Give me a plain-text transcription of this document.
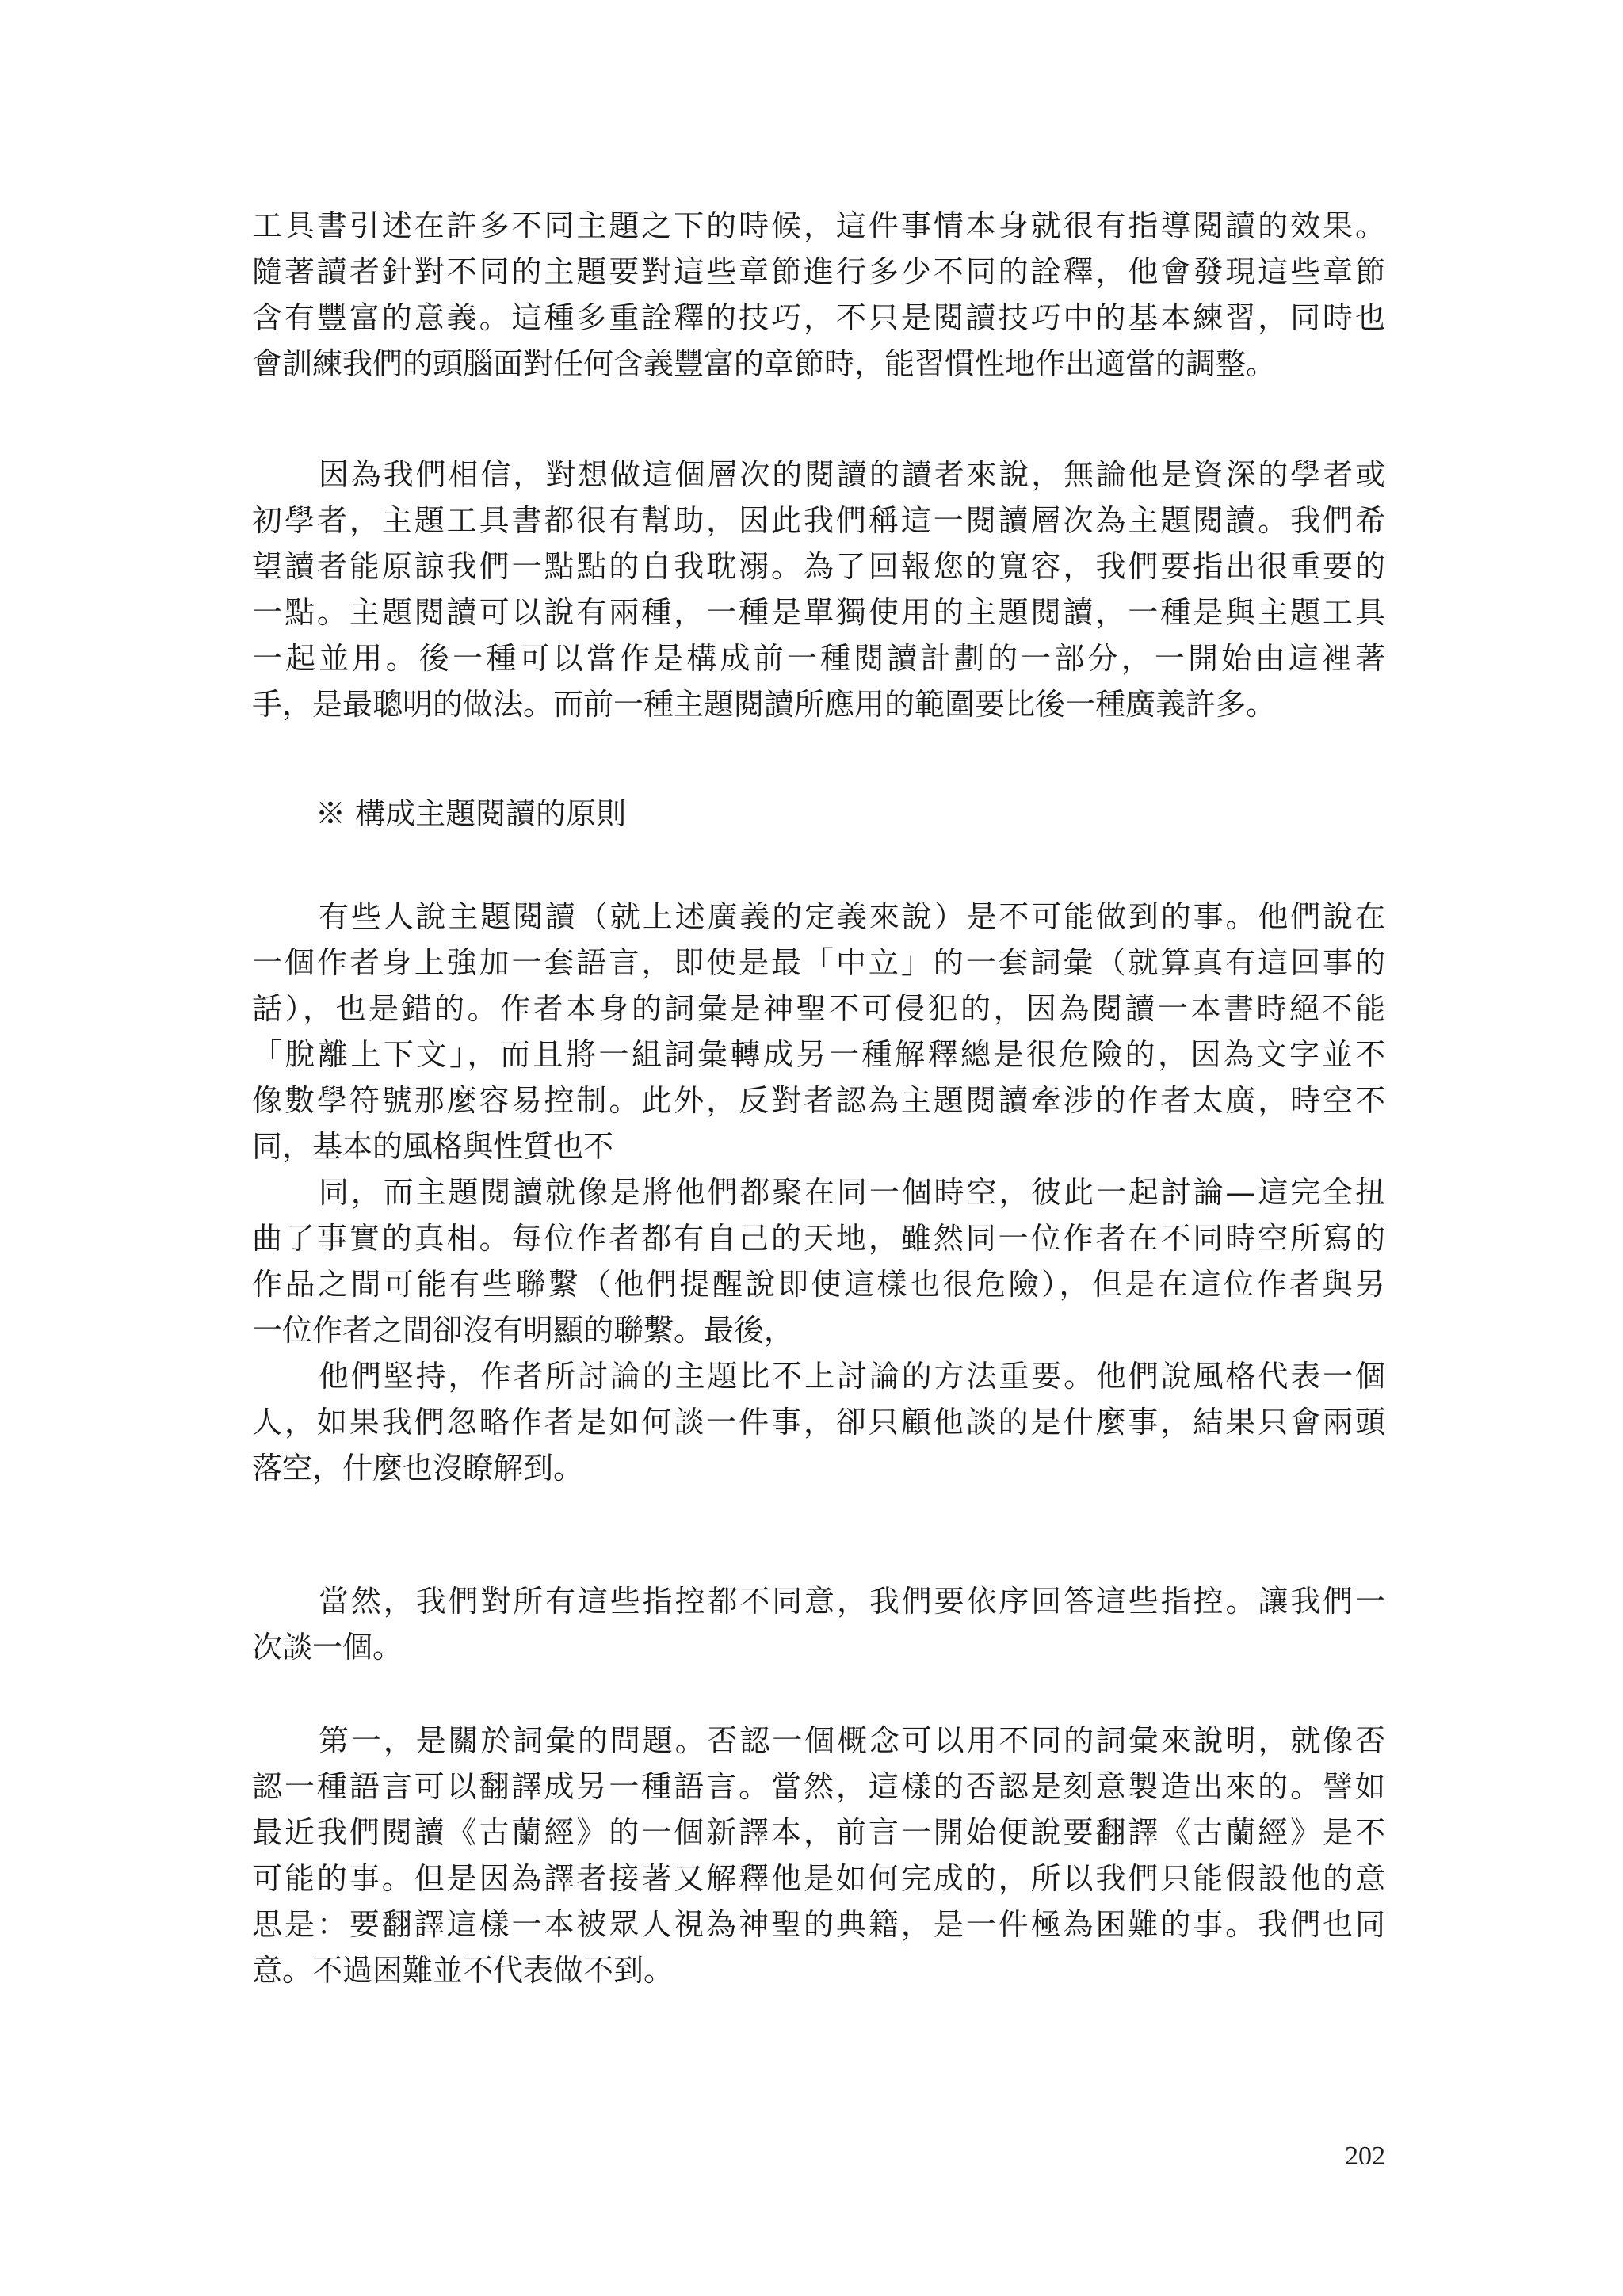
工具書引述在許多不同主題之下的時候，這件事情本身就很有指導閱讀的效果。
隨著讀者針對不同的主題要對這些章節進行多少不同的詮釋，他會發現這些章節
含有豐富的意義。這種多重詮釋的技巧，不只是閱讀技巧中的基本練習，同時也
會訓練我們的頭腦面對任何含義豐富的章節時，能習慣性地作出適當的調整。
因為我們相信，對想做這個層次的閱讀的讀者來說，無論他是資深的學者或
初學者，主題工具書都很有幫助，因此我們稱這一閱讀層次為主題閱讀。我們希
望讀者能原諒我們一點點的自我耽溺。為了回報您的寬容，我們要指出很重要的
一點。主題閱讀可以說有兩種，一種是單獨使用的主題閱讀，一種是與主題工具
一起並用。後一種可以當作是構成前一種閱讀計劃的一部分，一開始由這裡著
手，是最聰明的做法。而前一種主題閱讀所應用的範圍要比後一種廣義許多。
※ 構成主題閱讀的原則
有些人說主題閱讀（就上述廣義的定義來說）是不可能做到的事。他們說在
一個作者身上強加一套語言，即使是最「中立」的一套詞彙（就算真有這回事的
話），也是錯的。作者本身的詞彙是神聖不可侵犯的，因為閱讀一本書時絕不能
「脫離上下文」，而且將一組詞彙轉成另一種解釋總是很危險的，因為文字並不
像數學符號那麼容易控制。此外，反對者認為主題閱讀牽涉的作者太廣，時空不
同，基本的風格與性質也不
同，而主題閱讀就像是將他們都聚在同一個時空，彼此一起討論—這完全扭
曲了事實的真相。每位作者都有自己的天地，雖然同一位作者在不同時空所寫的
作品之間可能有些聯繫（他們提醒說即使這樣也很危險），但是在這位作者與另
一位作者之間卻沒有明顯的聯繫。最後，
他們堅持，作者所討論的主題比不上討論的方法重要。他們說風格代表一個
人，如果我們忽略作者是如何談一件事，卻只顧他談的是什麼事，結果只會兩頭
落空，什麼也沒瞭解到。
當然，我們對所有這些指控都不同意，我們要依序回答這些指控。讓我們一
次談一個。
第一，是關於詞彙的問題。否認一個概念可以用不同的詞彙來說明，就像否
認一種語言可以翻譯成另一種語言。當然，這樣的否認是刻意製造出來的。譬如
最近我們閱讀《古蘭經》的一個新譯本，前言一開始便說要翻譯《古蘭經》是不
可能的事。但是因為譯者接著又解釋他是如何完成的，所以我們只能假設他的意
思是：要翻譯這樣一本被眾人視為神聖的典籍，是一件極為困難的事。我們也同
意。不過困難並不代表做不到。
202
